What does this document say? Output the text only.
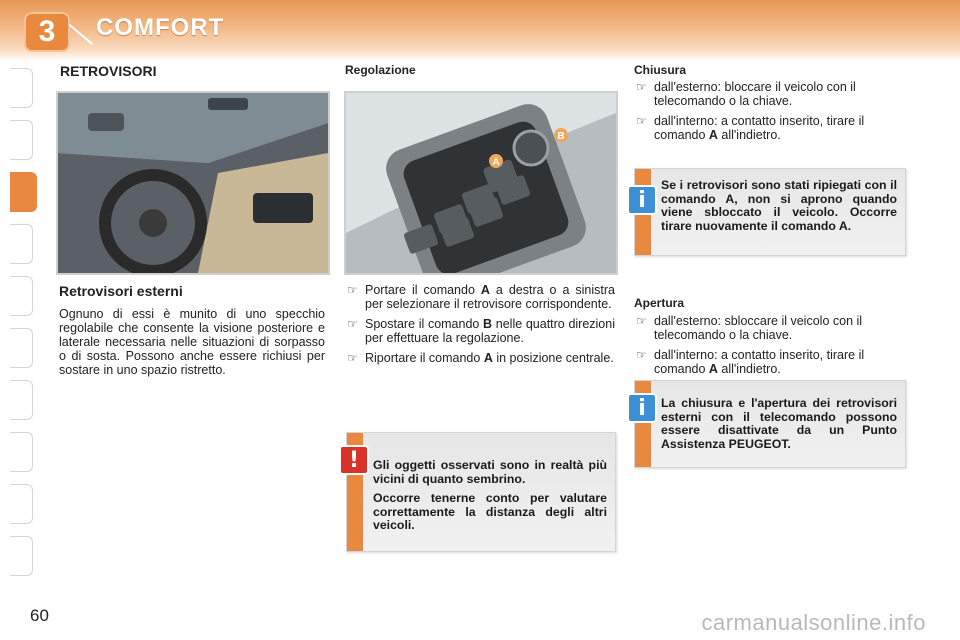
3	COMFORT
RETROVISORI
Retrovisori esterni
Ognuno di essi è munito di uno specchio regolabile che consente la visione posteriore e laterale necessaria nelle situazioni di sorpasso o di sosta. Possono anche essere richiusi per sostare in uno spazio ristretto.
Regolazione
A
B
☞ Portare il comando A a destra o a sinistra per selezionare il retrovisore corrispondente.
☞ Spostare il comando B nelle quattro direzioni per effettuare la regolazione.
☞ Riportare il comando A in posizione centrale.
!	Gli oggetti osservati sono in realtà più vicini di quanto sembrino.

Occorre tenerne conto per valutare correttamente la distanza degli altri veicoli.

Chiusura
☞ dall'esterno: bloccare il veicolo con il telecomando o la chiave.
☞ dall'interno: a contatto inserito, tirare il comando A all'indietro.
i
Se i retrovisori sono stati ripiegati con il comando A, non si aprono quando viene sbloccato il veicolo. Occorre tirare nuovamente il comando A.
Apertura
☞ dall'esterno: sbloccare il veicolo con il telecomando o la chiave.
☞ dall'interno: a contatto inserito, tirare il comando A all'indietro.
i	La chiusura e l'apertura dei retrovisori esterni con il telecomando possono essere disattivate da un Punto Assistenza PEUGEOT.
60	carmanualsonline.info
